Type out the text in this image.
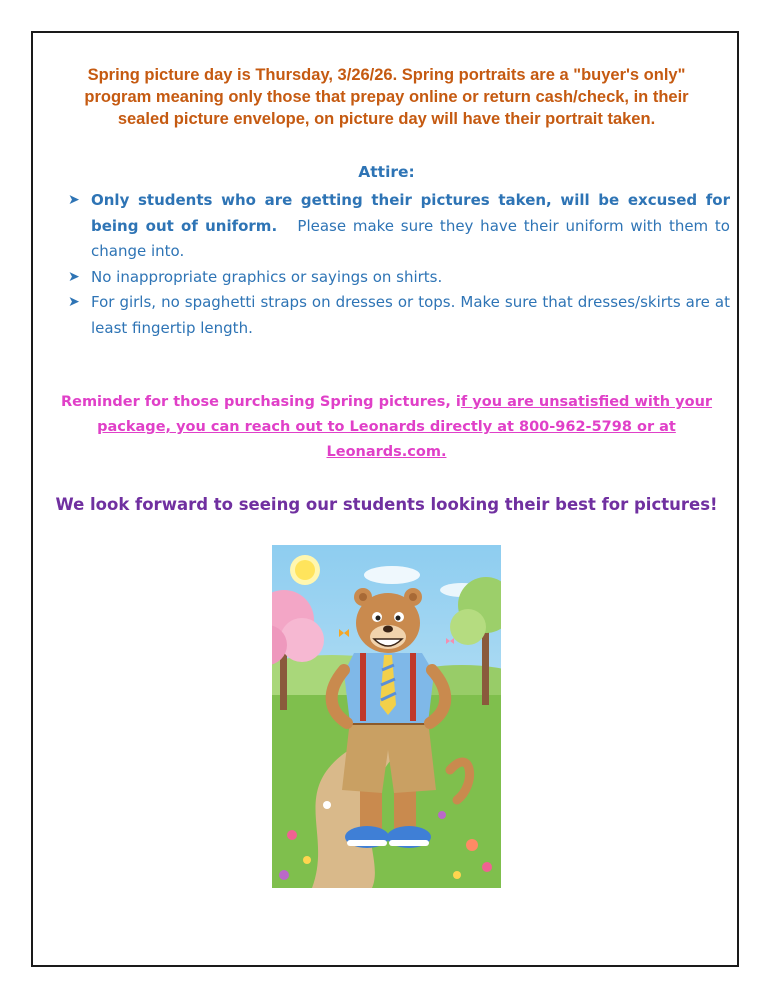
Spring picture day is Thursday, 3/26/26. Spring portraits are a "buyer's only"
program meaning only those that prepay online or return cash/check, in their
sealed picture envelope, on picture day will have their portrait taken.
Attire:
➤ Only students who are getting their pictures taken, will be excused for being out of uniform. Please make sure they have their uniform with them to change into.
➤ No inappropriate graphics or sayings on shirts.
➤ For girls, no spaghetti straps on dresses or tops. Make sure that dresses/skirts are at least fingertip length.
Reminder for those purchasing Spring pictures, if you are unsatisfied with your package, you can reach out to Leonards directly at 800-962-5798 or at Leonards.com.
We look forward to seeing our students looking their best for pictures!
